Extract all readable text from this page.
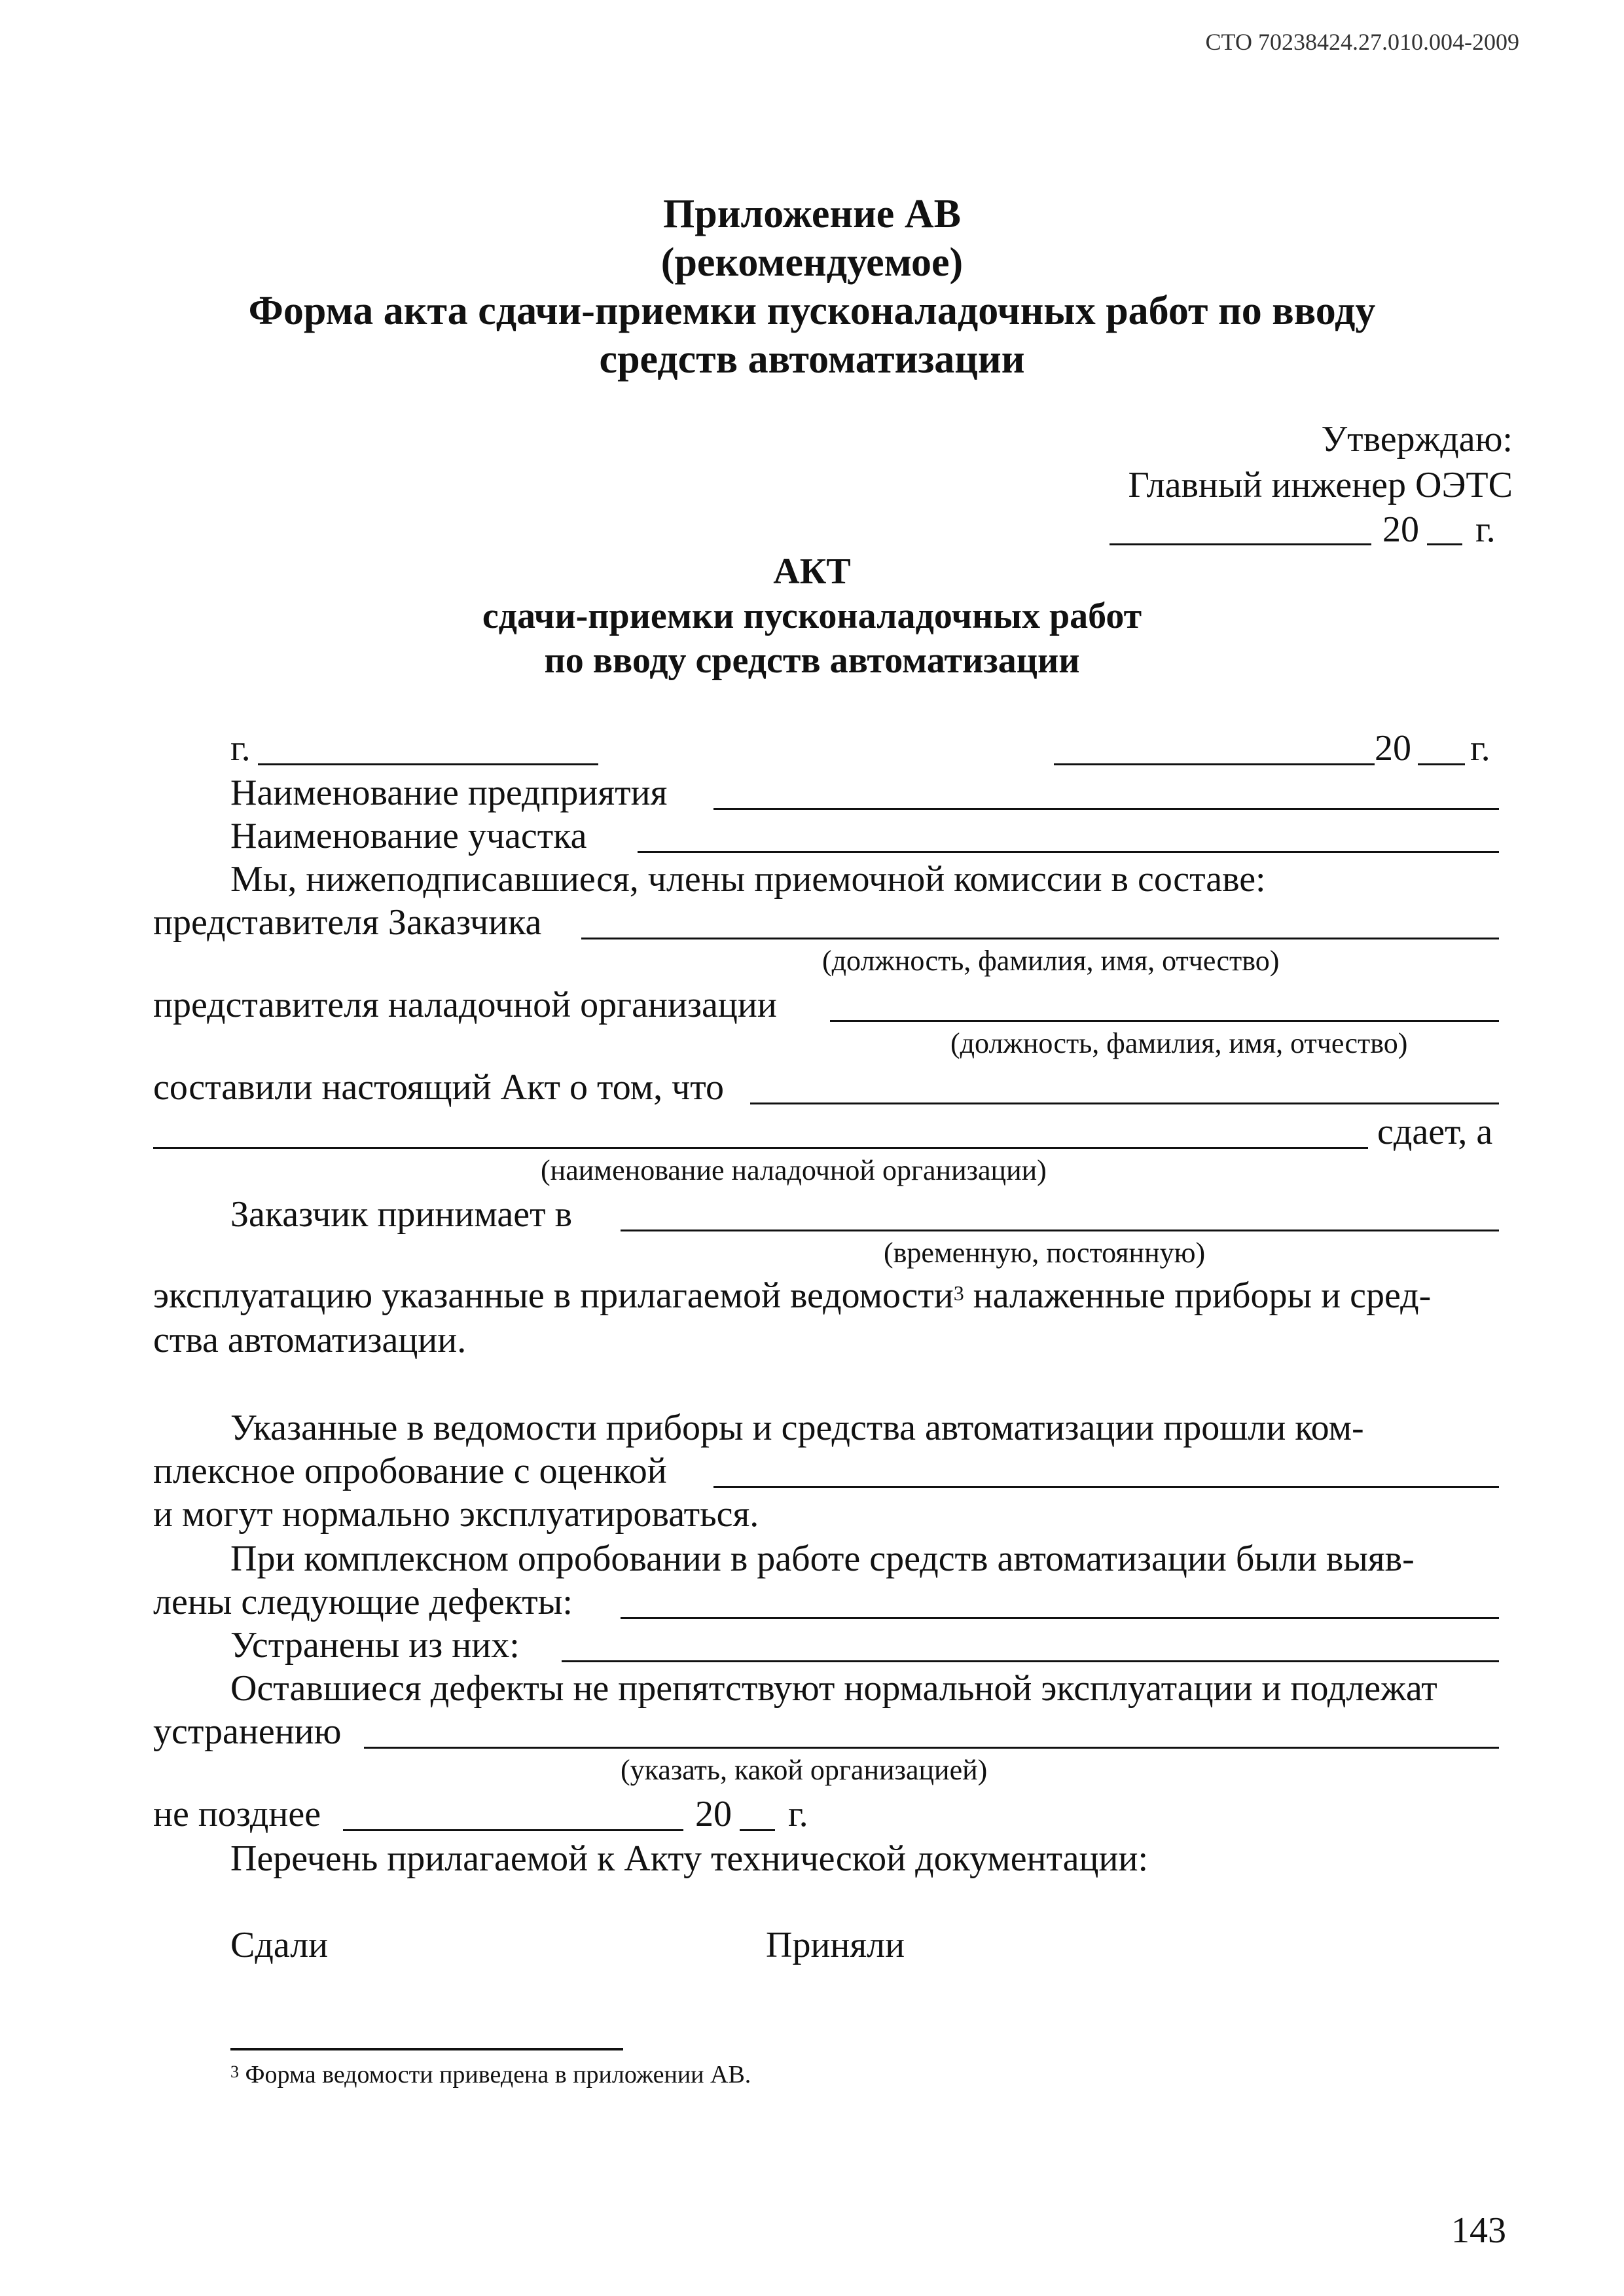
СТО 70238424.27.010.004-2009
Приложение АВ
(рекомендуемое)
Форма акта сдачи-приемки пусконаладочных работ по вводу
средств автоматизации
Утверждаю:
Главный инженер ОЭТС
20 г.
АКТ
сдачи-приемки пусконаладочных работ
по вводу средств автоматизации
г.	20 г.
Наименование предприятия
Наименование участка
Мы, нижеподписавшиеся, члены приемочной комиссии в составе:
представителя Заказчика
(должность, фамилия, имя, отчество)
представителя наладочной организации
(должность, фамилия, имя, отчество)
составили настоящий Акт о том, что
сдает, а
(наименование наладочной организации)
Заказчик принимает в
(временную, постоянную)
эксплуатацию указанные в прилагаемой ведомости$^3$ налаженные приборы и сред-
ства автоматизации.
Указанные в ведомости приборы и средства автоматизации прошли ком-
плексное опробование с оценкой
и могут нормально эксплуатироваться.
При комплексном опробовании в работе средств автоматизации были выяв-
лены следующие дефекты:
Устранены из них:
Оставшиеся дефекты не препятствуют нормальной эксплуатации и подлежат
устранению
(указать, какой организацией)
не позднее	20 г.
Перечень прилагаемой к Акту технической документации:
Сдали	Приняли
$^3$ Форма ведомости приведена в приложении АВ.
143
